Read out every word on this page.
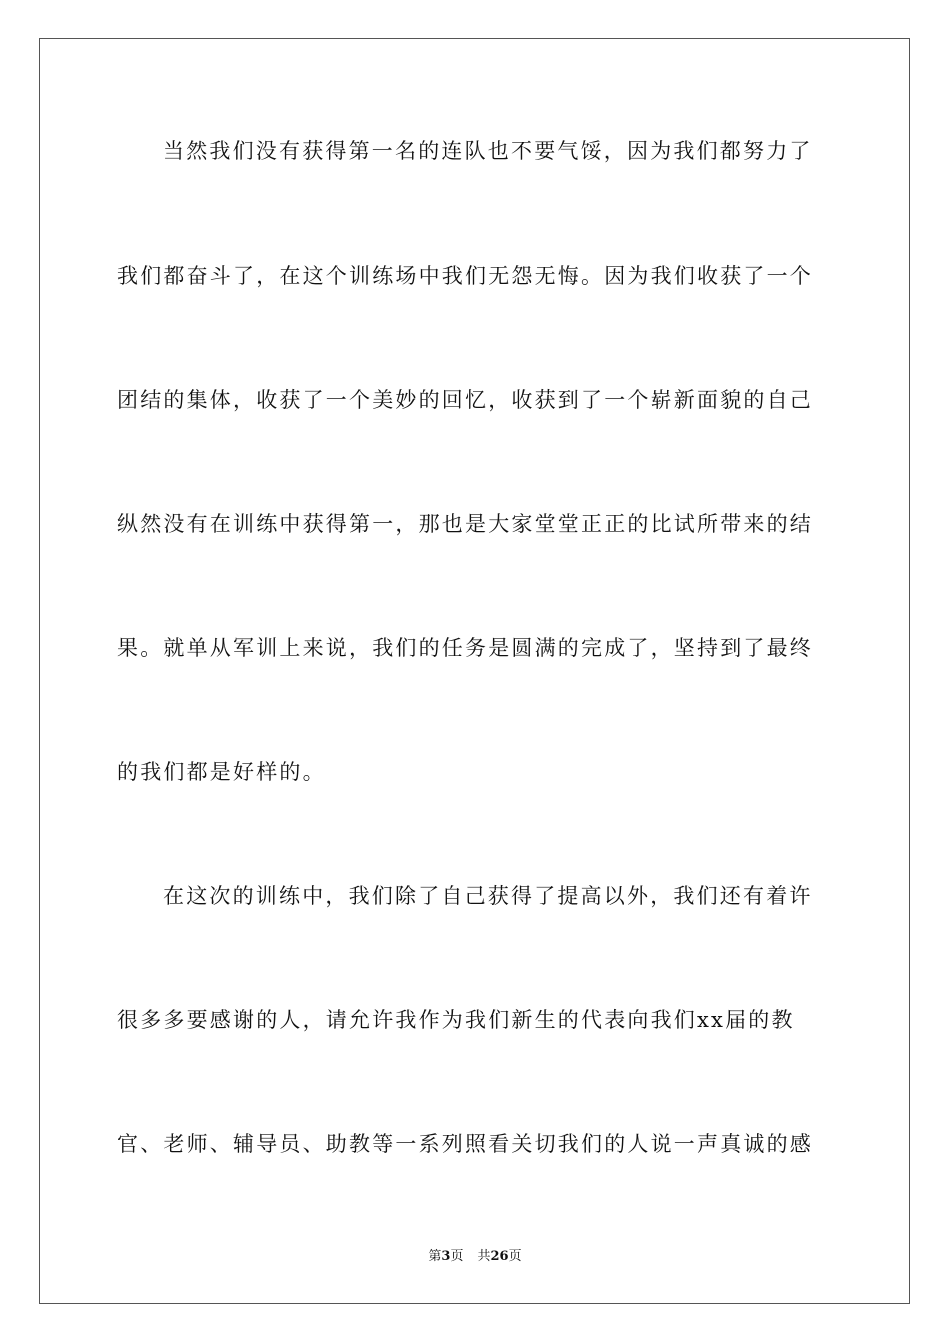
当然我们没有获得第一名的连队也不要气馁，因为我们都努力了
我们都奋斗了，在这个训练场中我们无怨无悔。因为我们收获了一个
团结的集体，收获了一个美妙的回忆，收获到了一个崭新面貌的自己
纵然没有在训练中获得第一，那也是大家堂堂正正的比试所带来的结
果。就单从军训上来说，我们的任务是圆满的完成了，坚持到了最终
的我们都是好样的。
在这次的训练中，我们除了自己获得了提高以外，我们还有着许
很多多要感谢的人，请允许我作为我们新生的代表向我们xx届的教
官、老师、辅导员、助教等一系列照看关切我们的人说一声真诚的感
第3页 共26页
